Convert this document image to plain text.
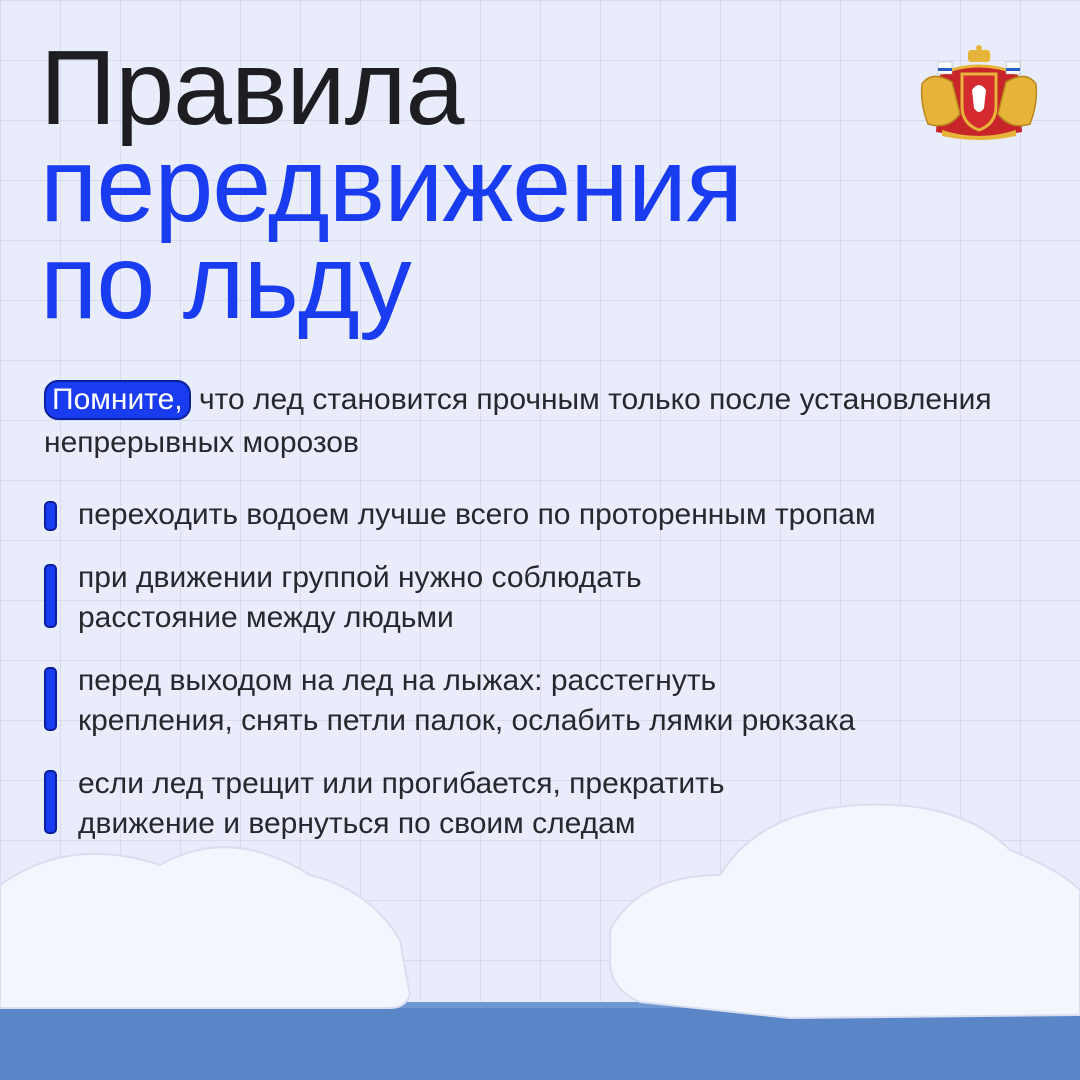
Правила
передвижения
по льду

Помните, что лед становится прочным только после установления непрерывных морозов

переходить водоем лучше всего по проторенным тропам
при движении группой нужно соблюдать
расстояние между людьми
перед выходом на лед на лыжах: расстегнуть
крепления, снять петли палок, ослабить лямки рюкзака
если лед трещит или прогибается, прекратить
движение и вернуться по своим следам
